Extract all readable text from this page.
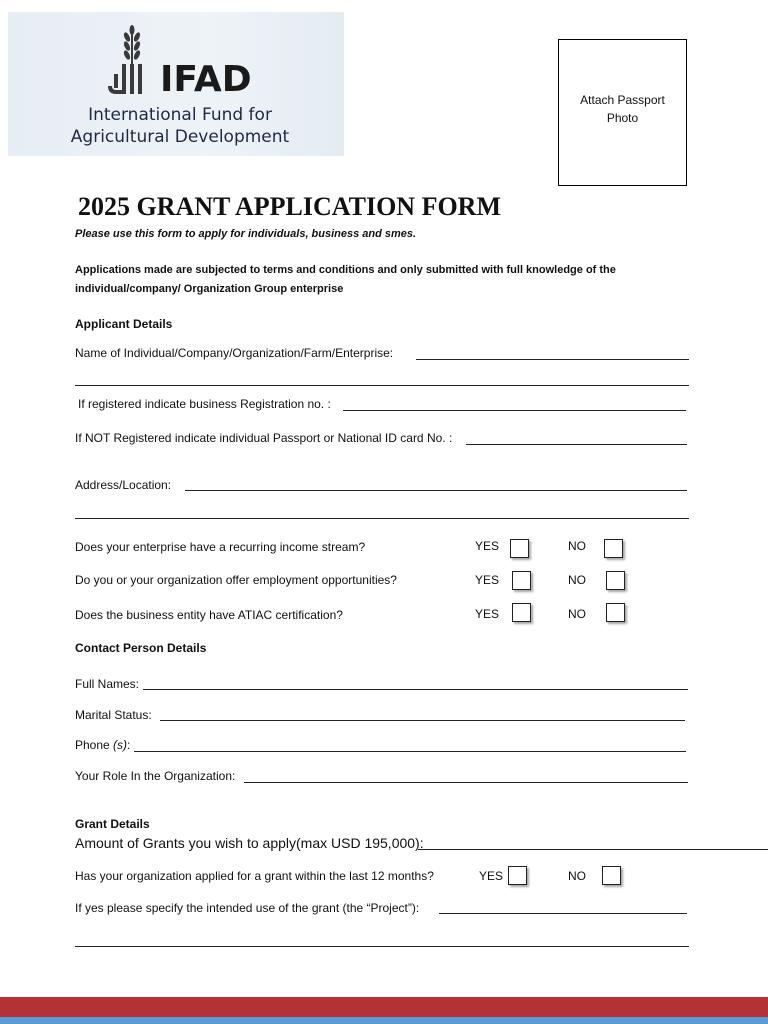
IFAD
International Fund for
Agricultural Development
Attach Passport
Photo
2025 GRANT APPLICATION FORM
Please use this form to apply for individuals, business and smes.
Applications made are subjected to terms and conditions and only submitted with full knowledge of the individual/company/ Organization Group enterprise
Applicant Details
Name of Individual/Company/Organization/Farm/Enterprise:
If registered indicate business Registration no. :
If NOT Registered indicate individual Passport or National ID card No. :
Address/Location:
Does your enterprise have a recurring income stream?	YES	NO
Do you or your organization offer employment opportunities?	YES	NO
Does the business entity have ATIAC certification?	YES	NO
Contact Person Details
Full Names:
Marital Status:
Phone (s):
Your Role In the Organization:
Grant Details
Amount of Grants you wish to apply(max USD 195,000):
Has your organization applied for a grant within the last 12 months?	YES	NO
If yes please specify the intended use of the grant (the “Project”):
